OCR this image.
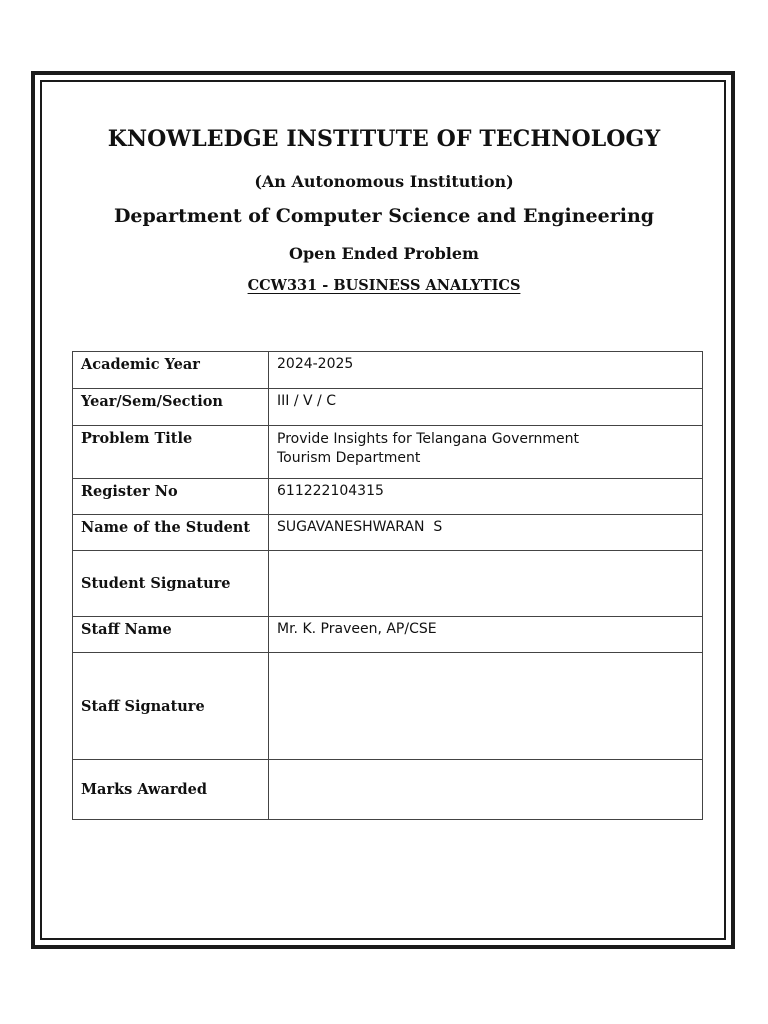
KNOWLEDGE INSTITUTE OF TECHNOLOGY
(An Autonomous Institution)
Department of Computer Science and Engineering
Open Ended Problem
CCW331 - BUSINESS ANALYTICS
Academic Year	2024-2025
Year/Sem/Section	III / V / C
Problem Title	Provide Insights for Telangana Government
Tourism Department

Register No	611222104315
Name of the Student	SUGAVANESHWARAN  S
Student Signature	
Staff Name	Mr. K. Praveen, AP/CSE
Staff Signature	
Marks Awarded	
